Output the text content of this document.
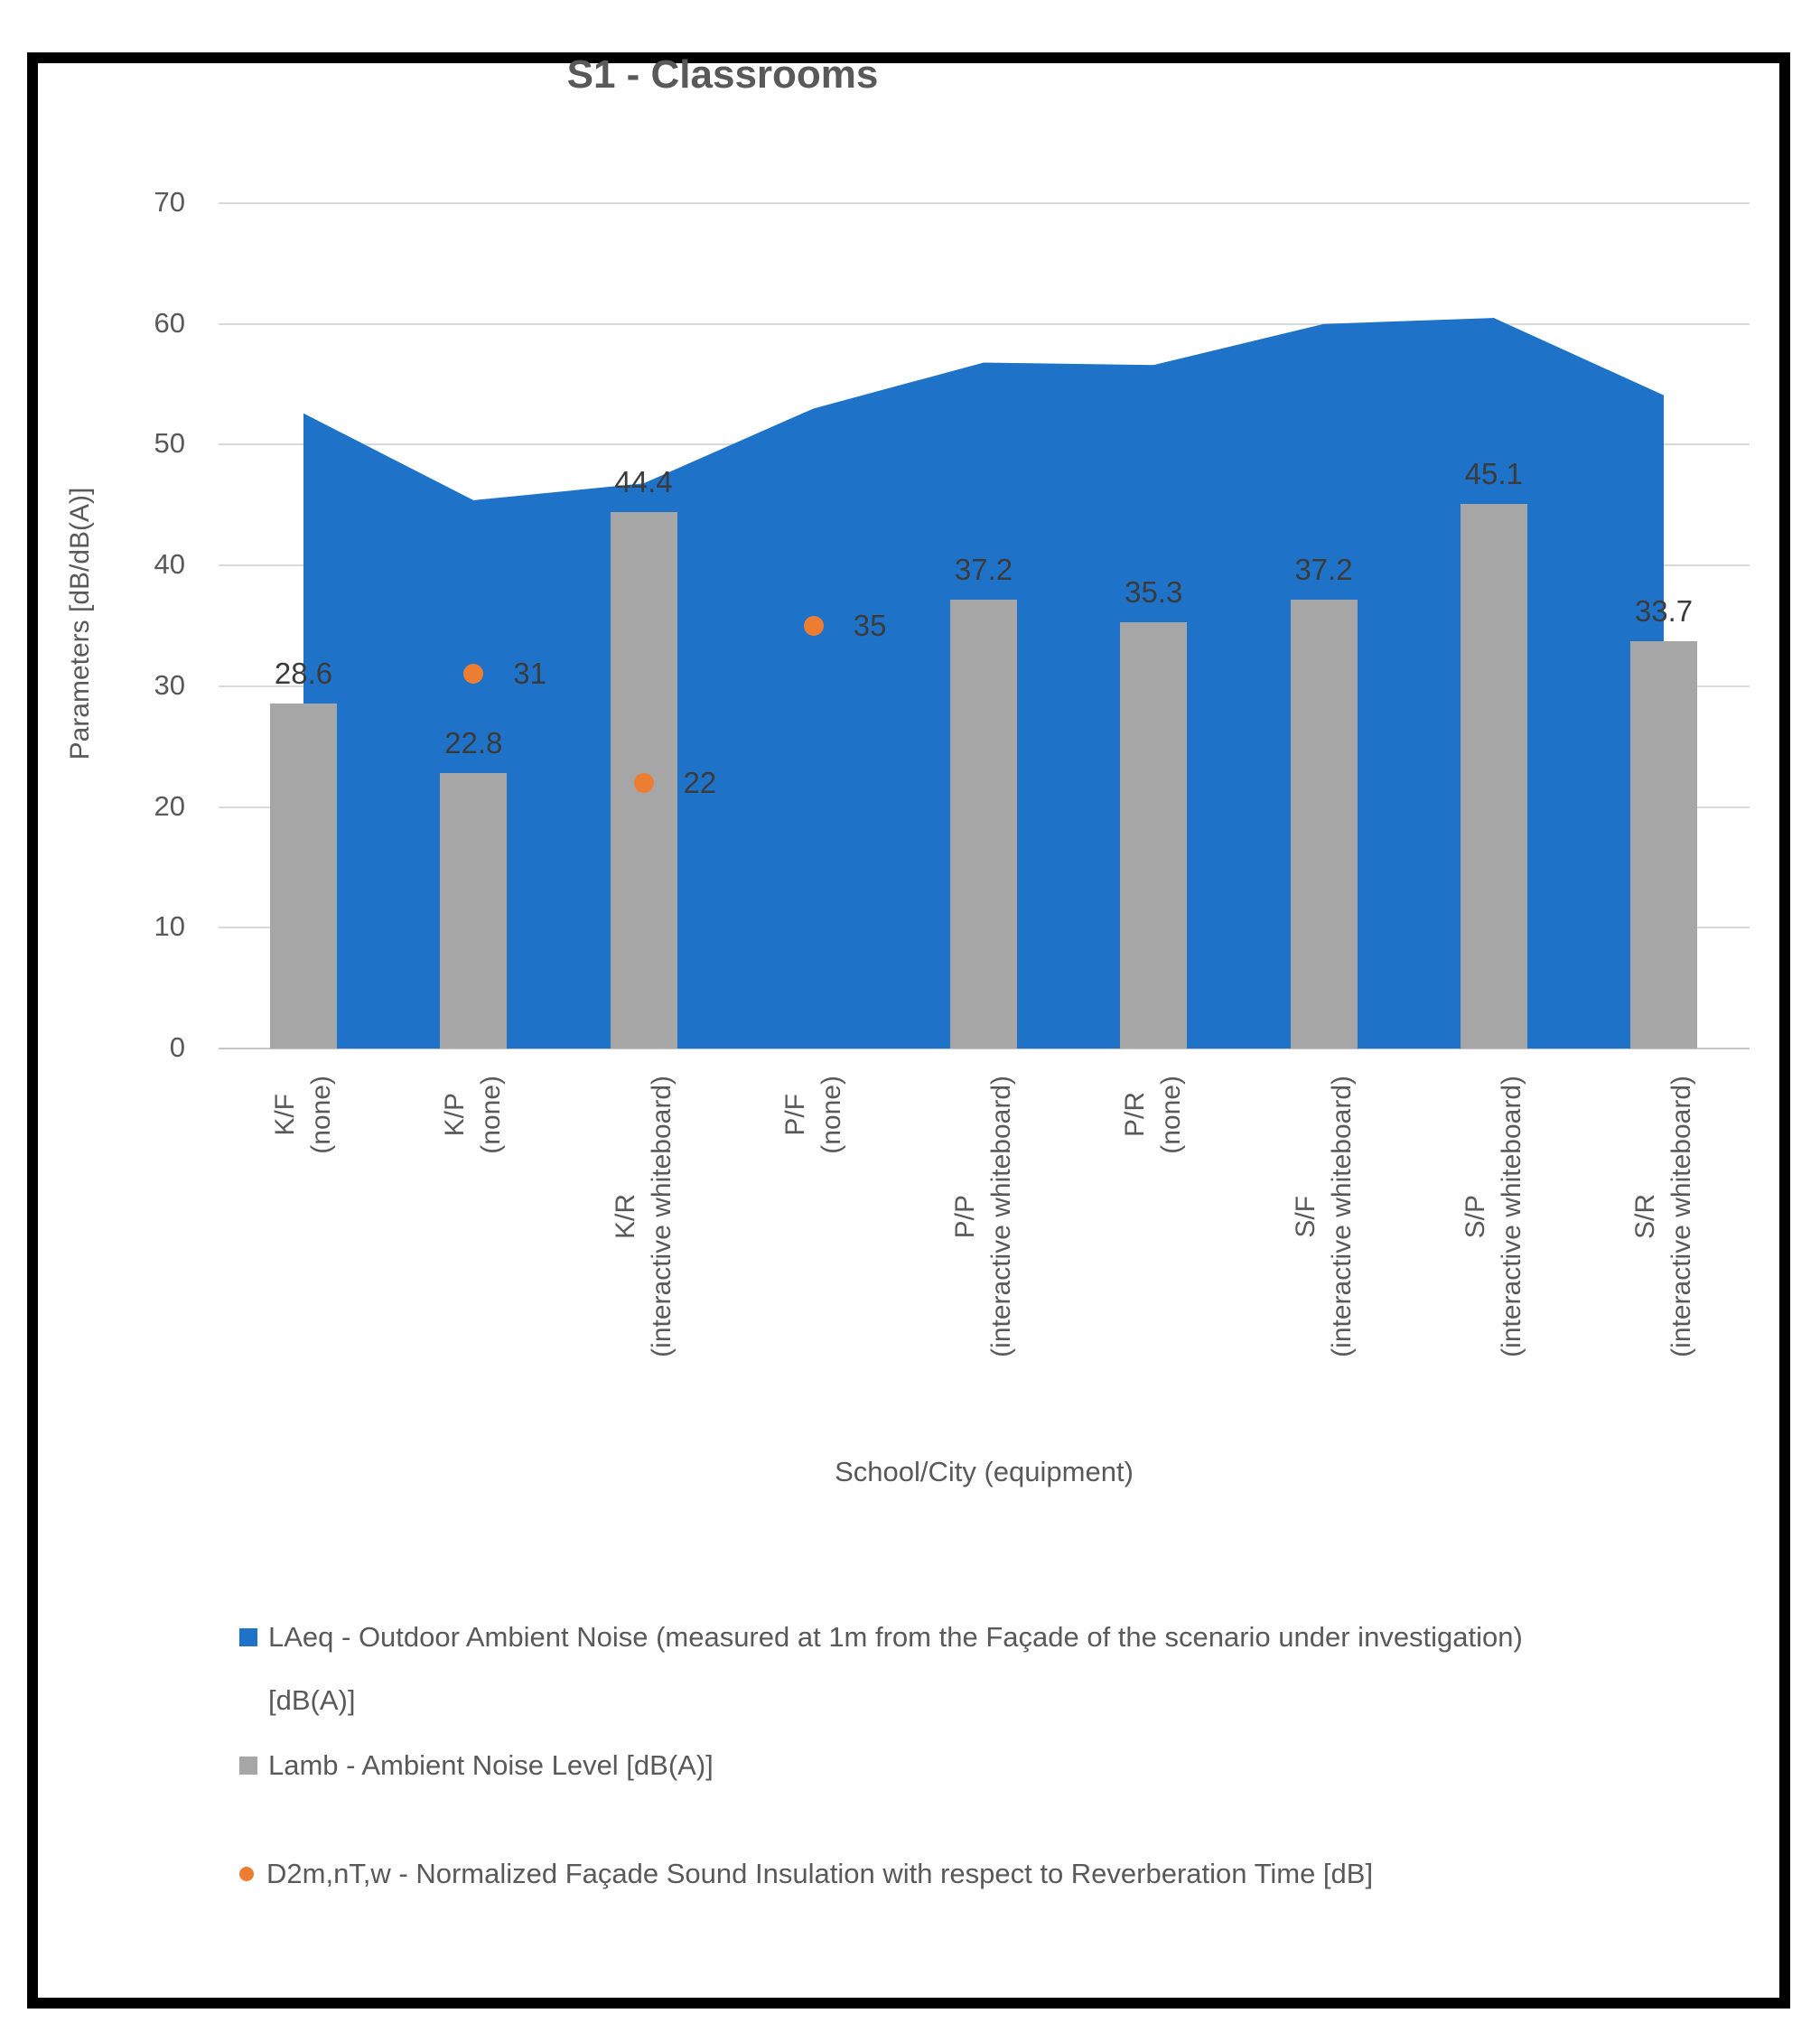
S1 - Classrooms
Parameters [dB/dB(A)]
70
60
50
40
30
20
10
0
28.6
22.8
44.4
37.2
35.3
37.2
45.1
33.7
31
22
35
K/F (none)	K/P (none)
K/R (interactive whiteboard)	P/F (none)
P/P (interactive whiteboard)	P/R (none)
S/F (interactive whiteboard)	S/P (interactive whiteboard)	S/R (interactive whiteboard)
School/City (equipment)
LAeq - Outdoor Ambient Noise (measured at 1m from the Façade of the scenario under investigation) [dB(A)]
Lamb - Ambient Noise Level [dB(A)]
D2m,nT,w - Normalized Façade Sound Insulation with respect to Reverberation Time [dB]
